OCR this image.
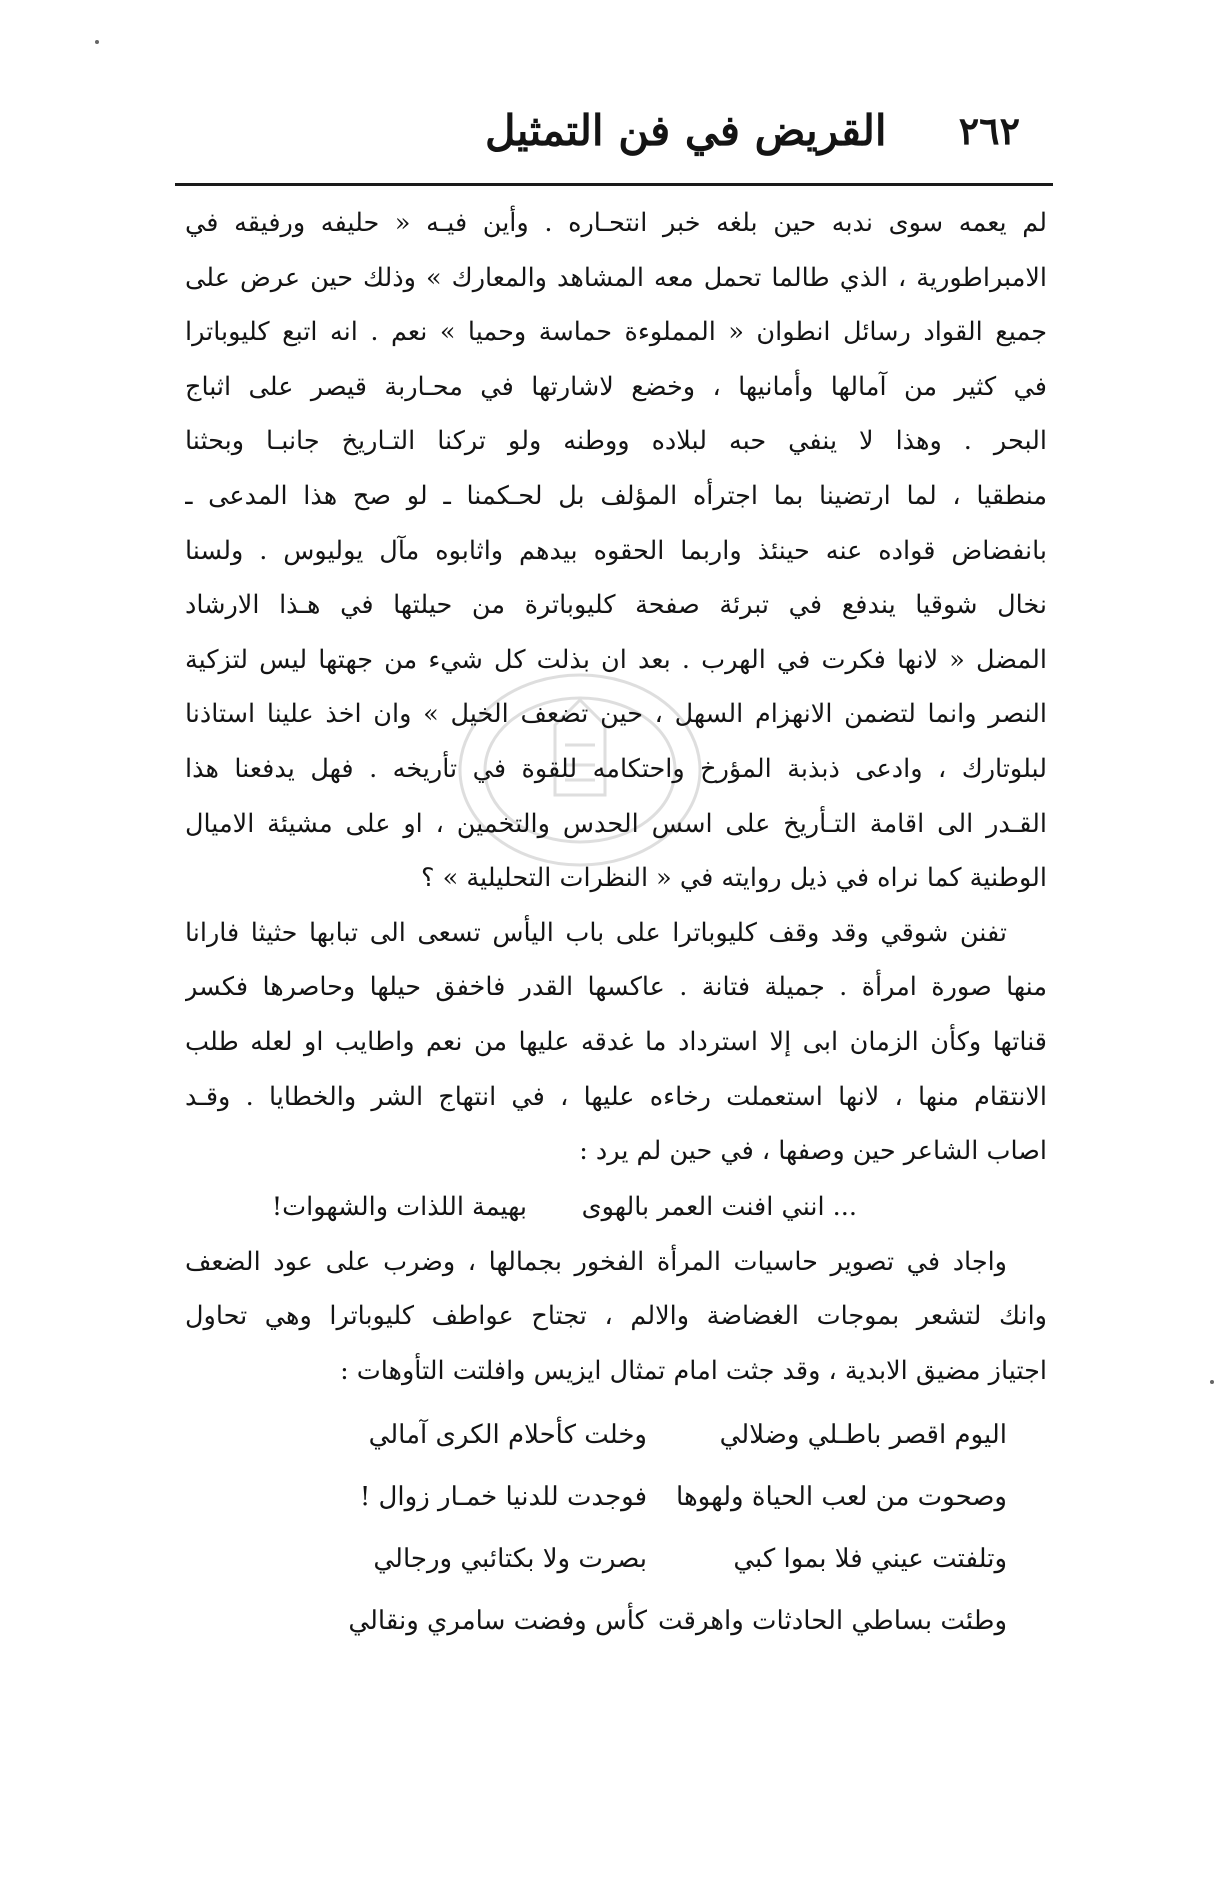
٢٦٢
القريض في فن التمثيل
لم يعمه سوى ندبه حين بلغه خبر انتحـاره . وأين فيـه « حليفه ورفيقه في
الامبراطورية ، الذي طالما تحمل معه المشاهد والمعارك » وذلك حين عرض على
جميع القواد رسائل انطوان « المملوءة حماسة وحميا » نعم . انه اتبع كليوباترا
في كثير من آمالها وأمانيها ، وخضع لاشارتها في محـاربة قيصر على اثباج
البحر . وهذا لا ينفي حبه لبلاده ووطنه ولو تركنا التـاريخ جانبـا وبحثنا
منطقيا ، لما ارتضينا بما اجترأه المؤلف بل لحـكمنا ـ لو صح هذا المدعى ـ
بانفضاض قواده عنه حينئذ واربما الحقوه بيدهم واثابوه مآل يوليوس . ولسنا
نخال شوقيا يندفع في تبرئة صفحة كليوباترة من حيلتها في هـذا الارشاد
المضل « لانها فكرت في الهرب . بعد ان بذلت كل شيء من جهتها ليس لتزكية
النصر وانما لتضمن الانهزام السهل ، حين تضعف الخيل » وان اخذ علينا استاذنا
لبلوتارك ، وادعى ذبذبة المؤرخ واحتكامه للقوة في تأريخه . فهل يدفعنا هذا
القـدر الى اقامة التـأريخ على اسس الحدس والتخمين ، او على مشيئة الاميال
الوطنية كما نراه في ذيل روايته في « النظرات التحليلية » ؟
تفنن شوقي وقد وقف كليوباترا على باب اليأس تسعى الى تبابها حثيثا فارانا
منها صورة امرأة . جميلة فتانة . عاكسها القدر فاخفق حيلها وحاصرها فكسر
قناتها وكأن الزمان ابى إلا استرداد ما غدقه عليها من نعم واطايب او لعله طلب
الانتقام منها ، لانها استعملت رخاءه عليها ، في انتهاج الشر والخطايا . وقـد
اصاب الشاعر حين وصفها ، في حين لم يرد :
... انني افنت العمر بالهوى
بهيمة اللذات والشهوات!
واجاد في تصوير حاسيات المرأة الفخور بجمالها ، وضرب على عود الضعف
وانك لتشعر بموجات الغضاضة والالم ، تجتاح عواطف كليوباترا وهي تحاول
اجتياز مضيق الابدية ، وقد جثت امام تمثال ايزيس وافلتت التأوهات :
اليوم اقصر باطـلي وضلالي
وخلت كأحلام الكرى آمالي
وصحوت من لعب الحياة ولهوها
فوجدت للدنيا خمـار زوال !
وتلفتت عيني فلا بموا كبي
بصرت ولا بكتائبي ورجالي
وطئت بساطي الحادثات واهرقت
كأس وفضت سامري ونقالي
